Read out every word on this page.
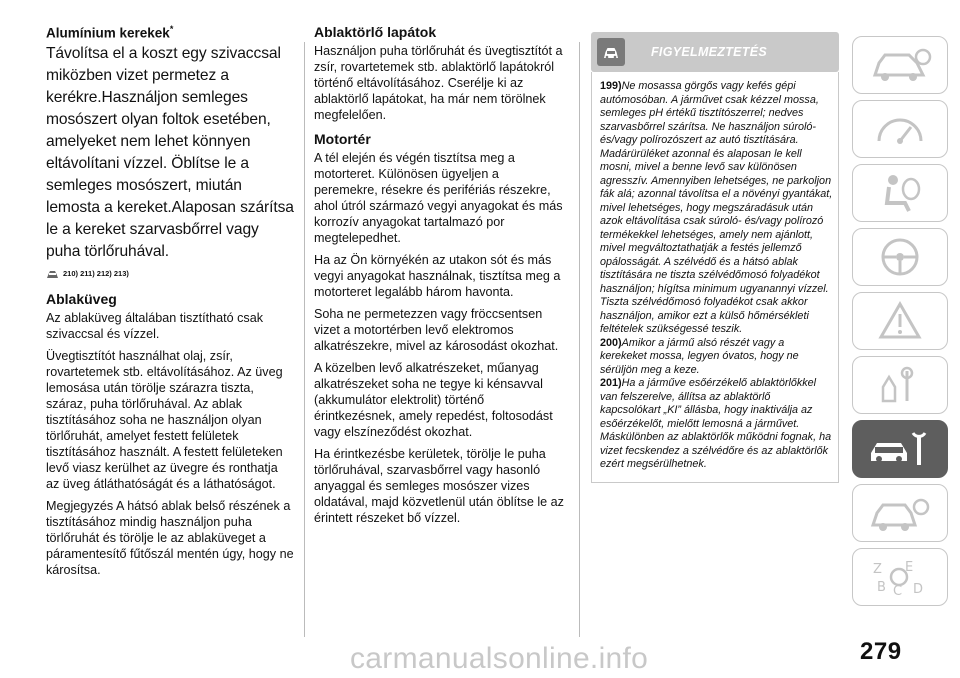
Alumínium kerekek*
Távolítsa el a koszt egy szivaccsal miközben vizet permetez a kerékre.Használjon semleges mosószert olyan foltok esetében, amelyeket nem lehet könnyen eltávolítani vízzel. Öblítse le a semleges mosószert, miután lemosta a kereket.Alaposan szárítsa le a kereket szarvasbőrrel vagy puha törlőruhával.
210) 211) 212) 213)
Ablaküveg
Az ablaküveg általában tisztítható csak szivaccsal és vízzel.
Üvegtisztítót használhat olaj, zsír, rovartetemek stb. eltávolításához. Az üveg lemosása után törölje szárazra tiszta, száraz, puha törlőruhával. Az ablak tisztításához soha ne használjon olyan törlőruhát, amelyet festett felületek tisztításához használt. A festett felületeken levő viasz kerülhet az üvegre és ronthatja az üveg átláthatóságát és a láthatóságot.
Megjegyzés A hátsó ablak belső részének a tisztításához mindig használjon puha törlőruhát és törölje le az ablaküveget a páramentesítő fűtőszál mentén úgy, hogy ne károsítsa.
Ablaktörlő lapátok
Használjon puha törlőruhát és üvegtisztítót a zsír, rovartetemek stb. ablaktörlő lapátokról történő eltávolításához. Cserélje ki az ablaktörlő lapátokat, ha már nem törölnek megfelelően.
Motortér
A tél elején és végén tisztítsa meg a motorteret. Különösen ügyeljen a peremekre, résekre és perifériás részekre, ahol útról származó vegyi anyagokat és más korrozív anyagokat tartalmazó por megtelepedhet.
Ha az Ön környékén az utakon sót és más vegyi anyagokat használnak, tisztítsa meg a motorteret legalább három havonta.
Soha ne permetezzen vagy fröccsentsen vizet a motortérben levő elektromos alkatrészekre, mivel az károsodást okozhat.
A közelben levő alkatrészeket, műanyag alkatrészeket soha ne tegye ki kénsavval (akkumulátor elektrolit) történő érintkezésnek, amely repedést, foltosodást vagy elszíneződést okozhat.
Ha érintkezésbe kerületek, törölje le puha törlőruhával, szarvasbőrrel vagy hasonló anyaggal és semleges mosószer vizes oldatával, majd közvetlenül után öblítse le az érintett részeket bő vízzel.
FIGYELMEZTETÉS

199)Ne mosassa görgős vagy kefés gépi autómosóban. A járművet csak kézzel mossa, semleges pH értékű tisztítószerrel; nedves szarvasbőrrel szárítsa. Ne használjon súroló- és/vagy polírozószert az autó tisztítására. Madárürüléket azonnal és alaposan le kell mosni, mivel a benne levő sav különösen agresszív. Amennyiben lehetséges, ne parkoljon fák alá; azonnal távolítsa el a növényi gyantákat, mivel lehetséges, hogy megszáradásuk után azok eltávolítása csak súroló- és/vagy polírozó termékekkel lehetséges, amely nem ajánlott, mivel megváltoztathatják a festés jellemző opálosságát. A szélvédő és a hátsó ablak tisztítására ne tiszta szélvédőmosó folyadékot használjon; hígítsa minimum ugyanannyi vízzel. Tiszta szélvédőmosó folyadékot csak akkor használjon, amikor ezt a külső hőmérsékleti feltételek szükségessé teszik.

200)Amikor a jármű alsó részét vagy a kerekeket mossa, legyen óvatos, hogy ne sérüljön meg a keze.

201)Ha a járműve esőérzékelő ablaktörlőkkel van felszerelve, állítsa az ablaktörlő kapcsolókart „KI” állásba, hogy inaktiválja az esőérzékelőt, mielőtt lemosná a járművet. Máskülönben az ablaktörlők működni fognak, ha vizet fecskendez a szélvédőre és az ablaktörlők ezért megsérülhetnek.

Z E
B C D
carmanualsonline.info	279
